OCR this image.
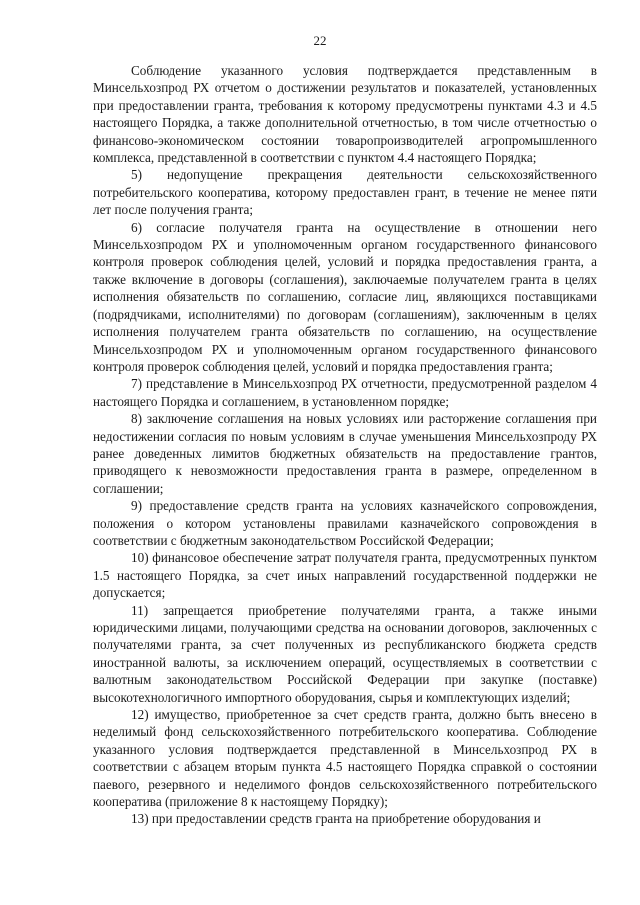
22

Соблюдение указанного условия подтверждается представленным в Минсельхозпрод РХ отчетом о достижении результатов и показателей, установленных при предоставлении гранта, требования к которому предусмотрены пунктами 4.3 и 4.5 настоящего Порядка, а также дополнительной отчетностью, в том числе отчетностью о финансово-экономическом состоянии товаропроизводителей агропромышленного комплекса, представленной в соответствии с пунктом 4.4 настоящего Порядка;

5) недопущение прекращения деятельности сельскохозяйственного потребительского кооператива, которому предоставлен грант, в течение не менее пяти лет после получения гранта;

6) согласие получателя гранта на осуществление в отношении него Минсельхозпродом РХ и уполномоченным органом государственного финансового контроля проверок соблюдения целей, условий и порядка предоставления гранта, а также включение в договоры (соглашения), заключаемые получателем гранта в целях исполнения обязательств по соглашению, согласие лиц, являющихся поставщиками (подрядчиками, исполнителями) по договорам (соглашениям), заключенным в целях исполнения получателем гранта обязательств по соглашению, на осуществление Минсельхозпродом РХ и уполномоченным органом государственного финансового контроля проверок соблюдения целей, условий и порядка предоставления гранта;

7) представление в Минсельхозпрод РХ отчетности, предусмотренной разделом 4 настоящего Порядка и соглашением, в установленном порядке;

8) заключение соглашения на новых условиях или расторжение соглашения при недостижении согласия по новым условиям в случае уменьшения Минсельхозпроду РХ ранее доведенных лимитов бюджетных обязательств на предоставление грантов, приводящего к невозможности предоставления гранта в размере, определенном в соглашении;

9) предоставление средств гранта на условиях казначейского сопровождения, положения о котором установлены правилами казначейского сопровождения в соответствии с бюджетным законодательством Российской Федерации;

10) финансовое обеспечение затрат получателя гранта, предусмотренных пунктом 1.5 настоящего Порядка, за счет иных направлений государственной поддержки не допускается;

11) запрещается приобретение получателями гранта, а также иными юридическими лицами, получающими средства на основании договоров, заключенных с получателями гранта, за счет полученных из республиканского бюджета средств иностранной валюты, за исключением операций, осуществляемых в соответствии с валютным законодательством Российской Федерации при закупке (поставке) высокотехнологичного импортного оборудования, сырья и комплектующих изделий;

12) имущество, приобретенное за счет средств гранта, должно быть внесено в неделимый фонд сельскохозяйственного потребительского кооператива. Соблюдение указанного условия подтверждается представленной в Минсельхозпрод РХ в соответствии с абзацем вторым пункта 4.5 настоящего Порядка справкой о состоянии паевого, резервного и неделимого фондов сельскохозяйственного потребительского кооператива (приложение 8 к настоящему Порядку);

13) при предоставлении средств гранта на приобретение оборудования и
